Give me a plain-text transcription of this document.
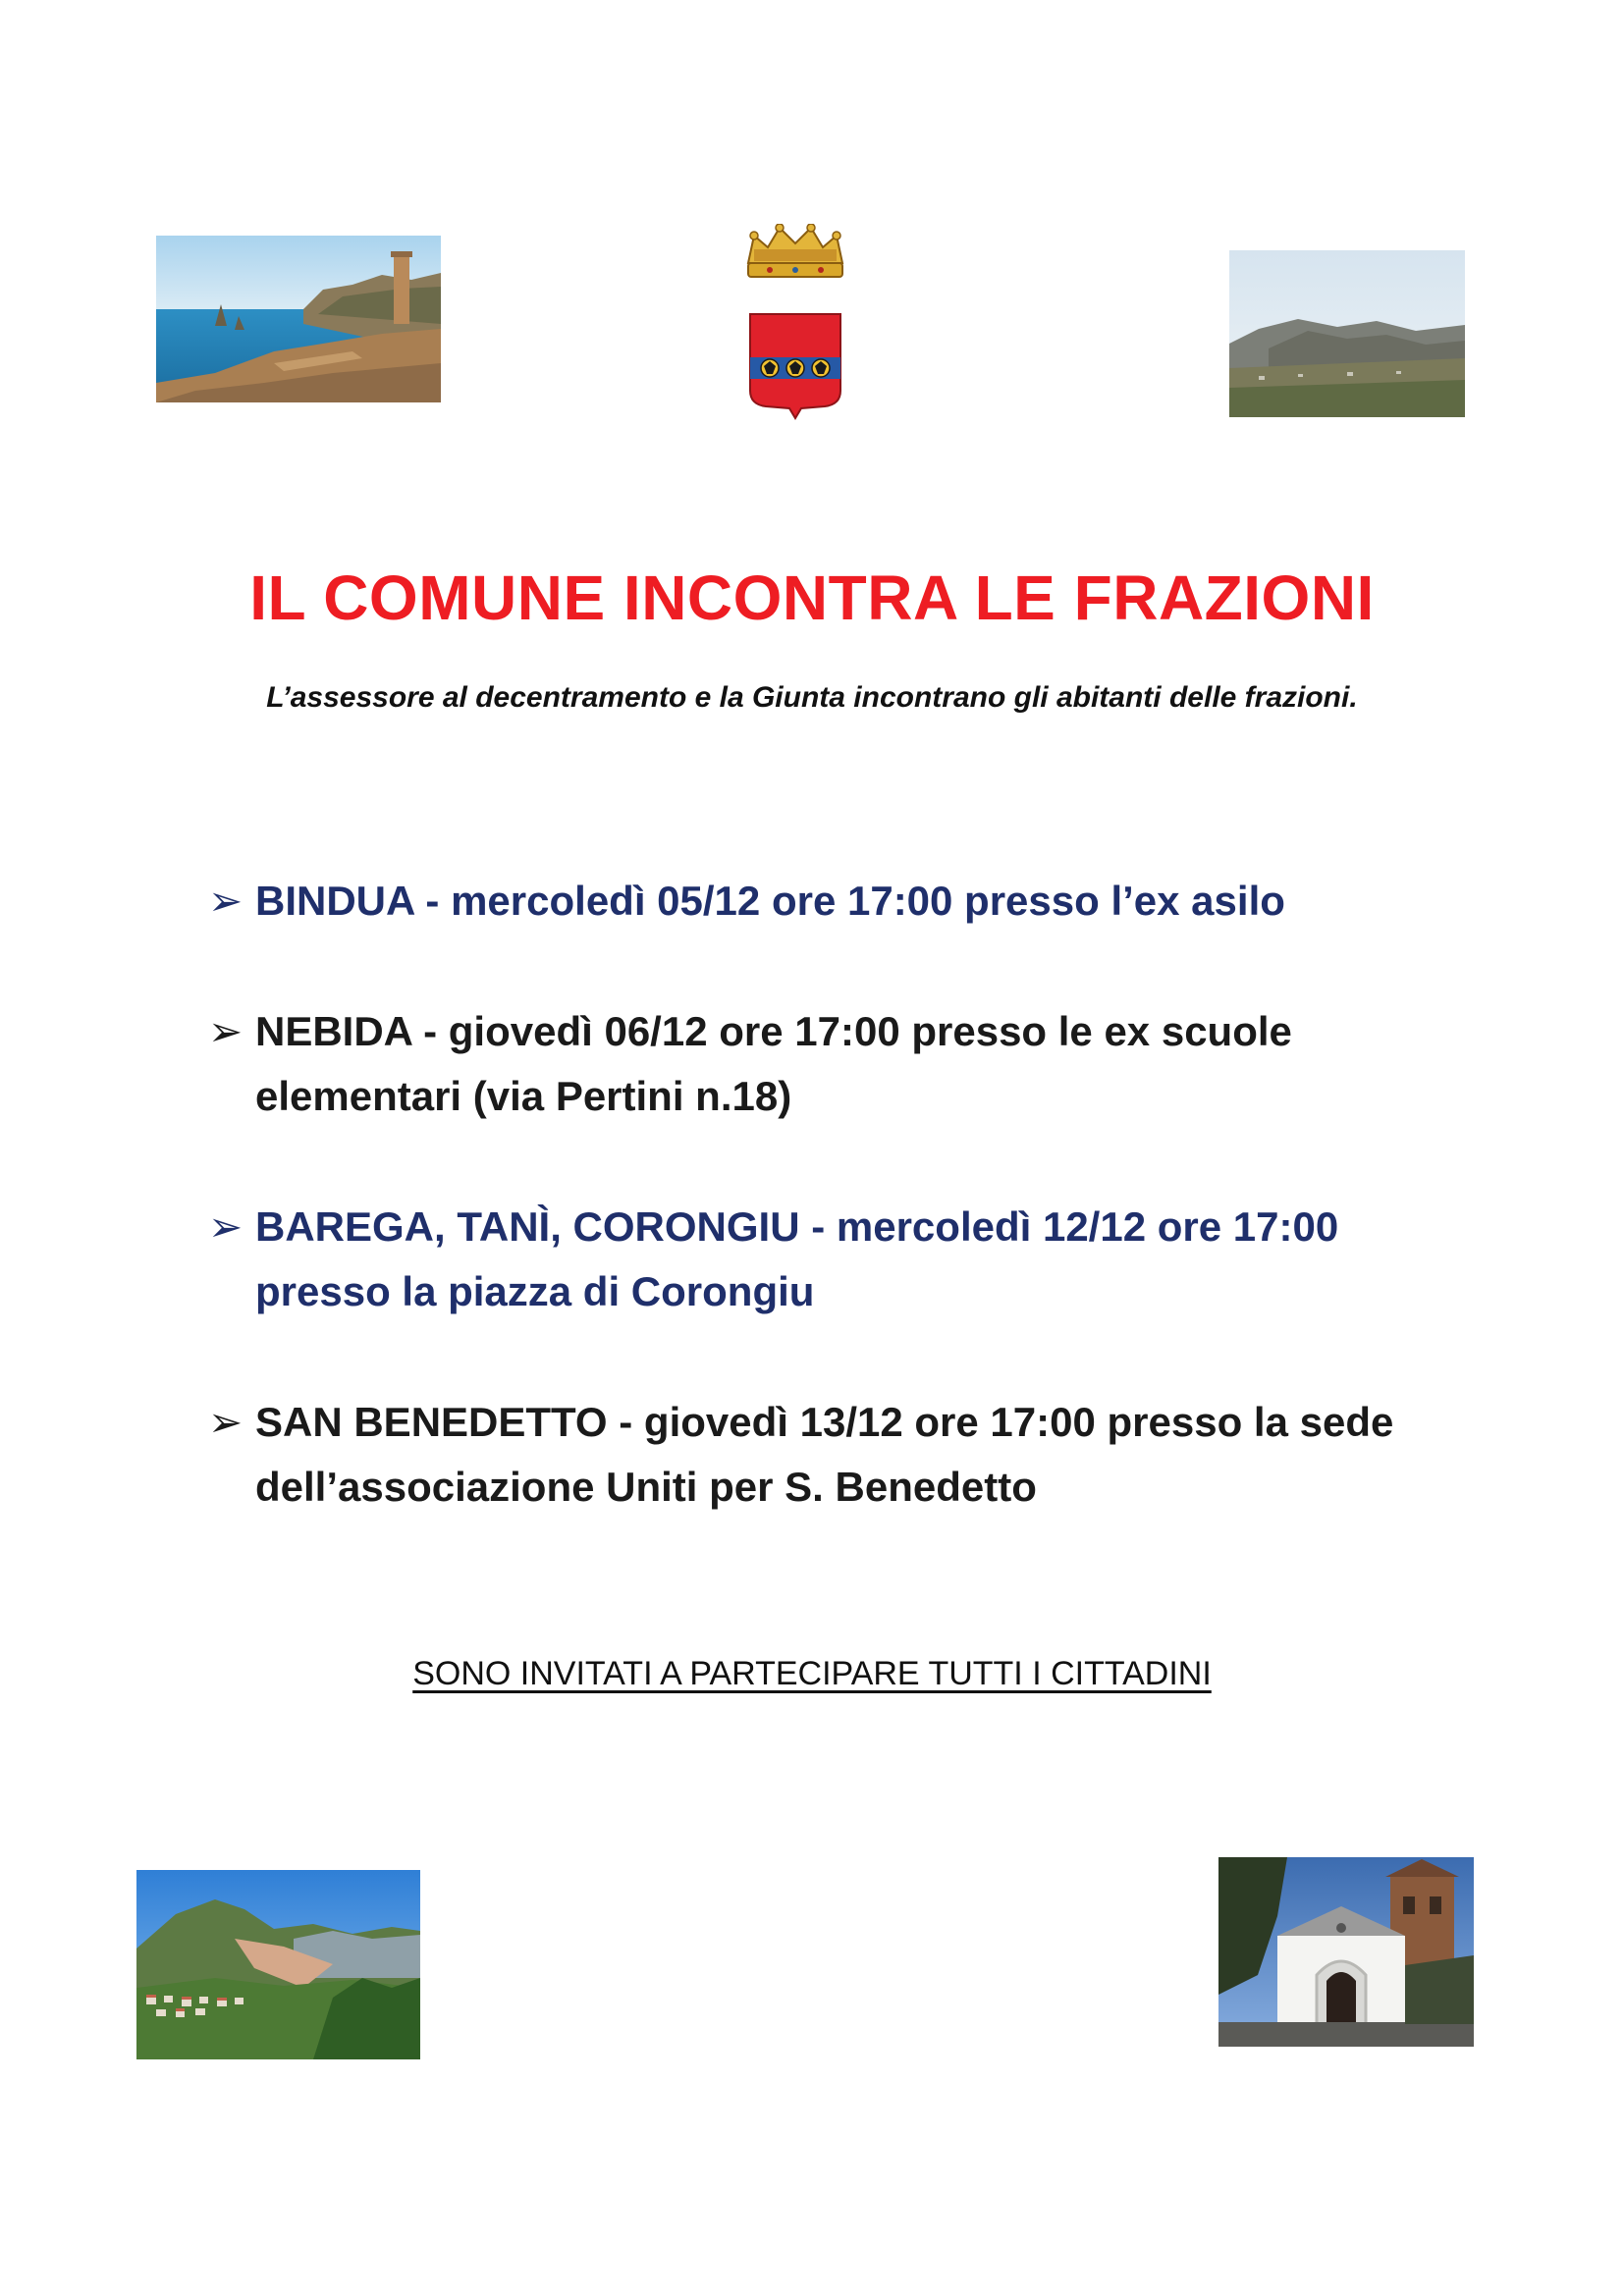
IL COMUNE INCONTRA LE FRAZIONI

L’assessore al decentramento e la Giunta incontrano gli abitanti delle frazioni.

➢ BINDUA - mercoledì 05/12 ore 17:00 presso l’ex asilo
➢ NEBIDA - giovedì 06/12 ore 17:00 presso le ex scuole elementari (via Pertini n.18)
➢ BAREGA, TANÌ, CORONGIU - mercoledì 12/12 ore 17:00 presso la piazza di Corongiu
➢ SAN BENEDETTO - giovedì 13/12 ore 17:00 presso la sede dell’associazione Uniti per S. Benedetto
SONO INVITATI A PARTECIPARE TUTTI I CITTADINI
